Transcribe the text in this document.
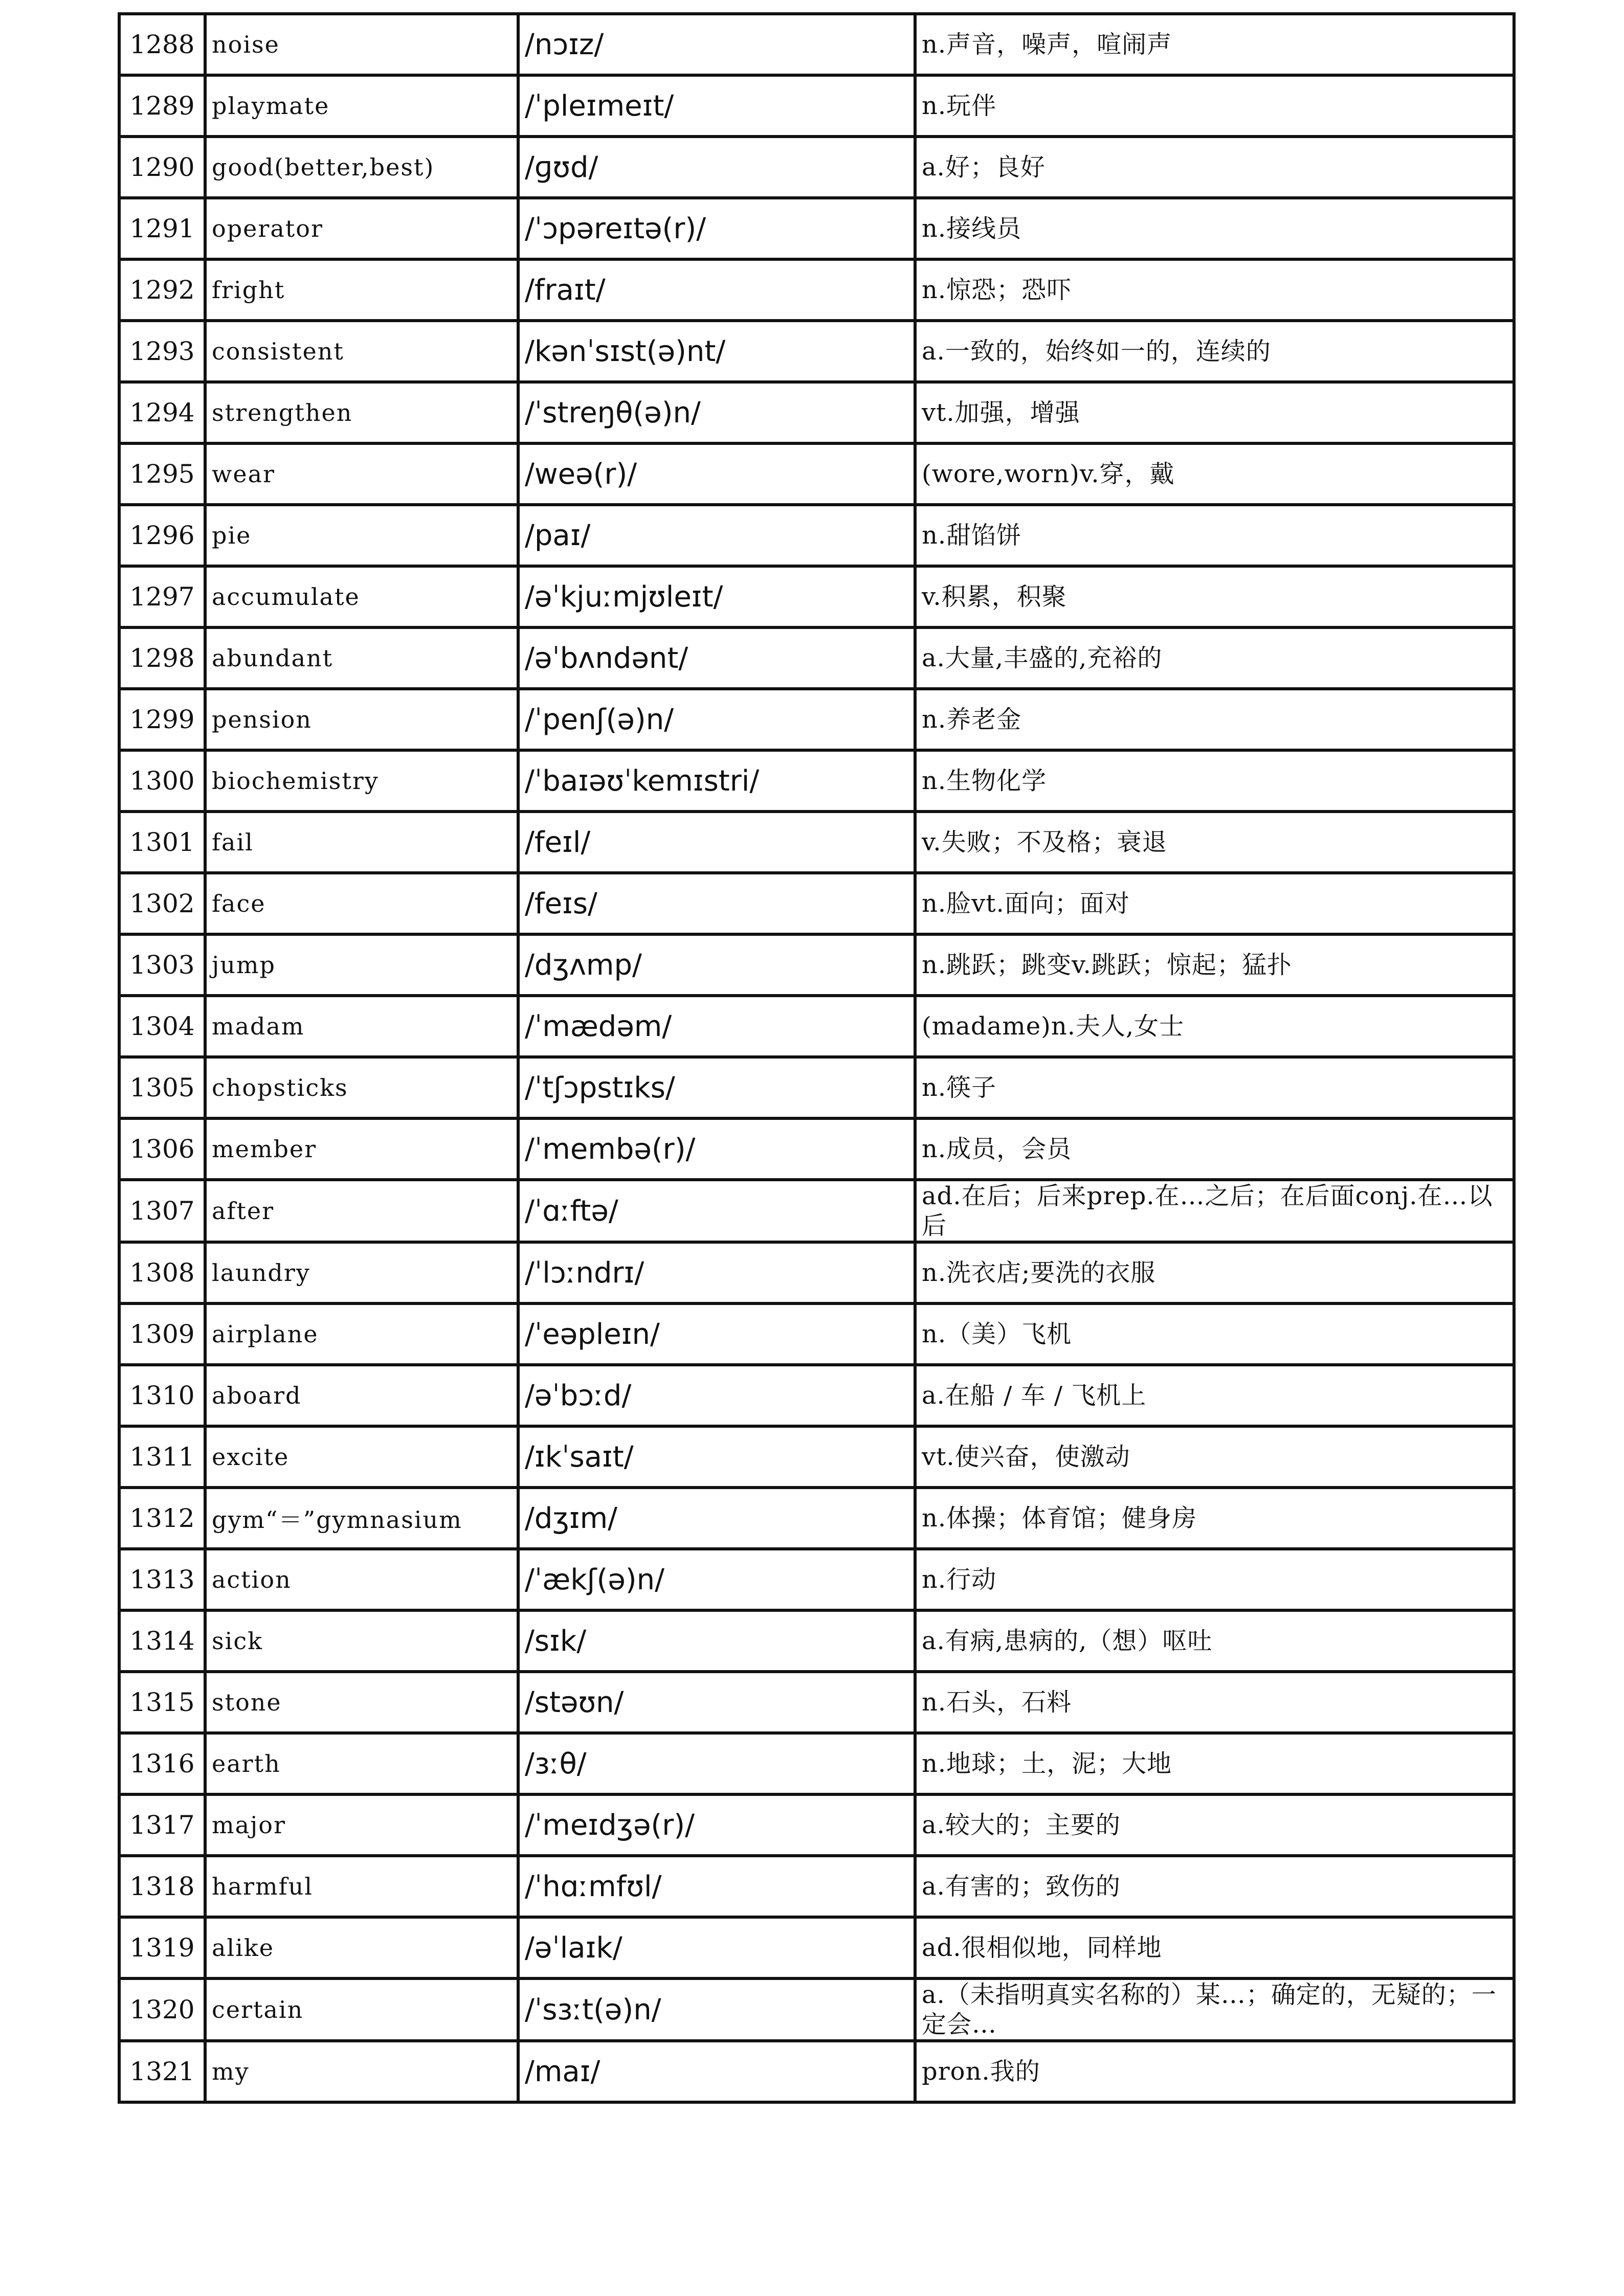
1288	noise	/nɔɪz/	n.声音，噪声，喧闹声
1289	playmate	/ˈpleɪmeɪt/	n.玩伴
1290	good(better,best)	/ɡʊd/	a.好；良好
1291	operator	/ˈɔpəreɪtə(r)/	n.接线员
1292	fright	/fraɪt/	n.惊恐；恐吓
1293	consistent	/kənˈsɪst(ə)nt/	a.一致的，始终如一的，连续的
1294	strengthen	/ˈstreŋθ(ə)n/	vt.加强，增强
1295	wear	/weə(r)/	(wore,worn)v.穿，戴
1296	pie	/paɪ/	n.甜馅饼
1297	accumulate	/əˈkjuːmjʊleɪt/	v.积累，积聚
1298	abundant	/əˈbʌndənt/	a.大量,丰盛的,充裕的
1299	pension	/ˈpenʃ(ə)n/	n.养老金
1300	biochemistry	/ˈbaɪəʊˈkemɪstri/	n.生物化学
1301	fail	/feɪl/	v.失败；不及格；衰退
1302	face	/feɪs/	n.脸vt.面向；面对
1303	jump	/dʒʌmp/	n.跳跃；跳变v.跳跃；惊起；猛扑
1304	madam	/ˈmædəm/	(madame)n.夫人,女士
1305	chopsticks	/ˈtʃɔpstɪks/	n.筷子
1306	member	/ˈmembə(r)/	n.成员，会员
1307	after	/ˈɑːftə/	ad.在后；后来prep.在…之后；在后面conj.在…以后
1308	laundry	/ˈlɔːndrɪ/	n.洗衣店;要洗的衣服
1309	airplane	/ˈeəpleɪn/	n.（美）飞机
1310	aboard	/əˈbɔːd/	a.在船 / 车 / 飞机上
1311	excite	/ɪkˈsaɪt/	vt.使兴奋，使激动
1312	gym“＝”gymnasium	/dʒɪm/	n.体操；体育馆；健身房
1313	action	/ˈækʃ(ə)n/	n.行动
1314	sick	/sɪk/	a.有病,患病的,（想）呕吐
1315	stone	/stəʊn/	n.石头，石料
1316	earth	/ɜːθ/	n.地球；土，泥；大地
1317	major	/ˈmeɪdʒə(r)/	a.较大的；主要的
1318	harmful	/ˈhɑːmfʊl/	a.有害的；致伤的
1319	alike	/əˈlaɪk/	ad.很相似地，同样地
1320	certain	/ˈsɜːt(ə)n/	a.（未指明真实名称的）某…；确定的，无疑的；一定会…
1321	my	/maɪ/	pron.我的
